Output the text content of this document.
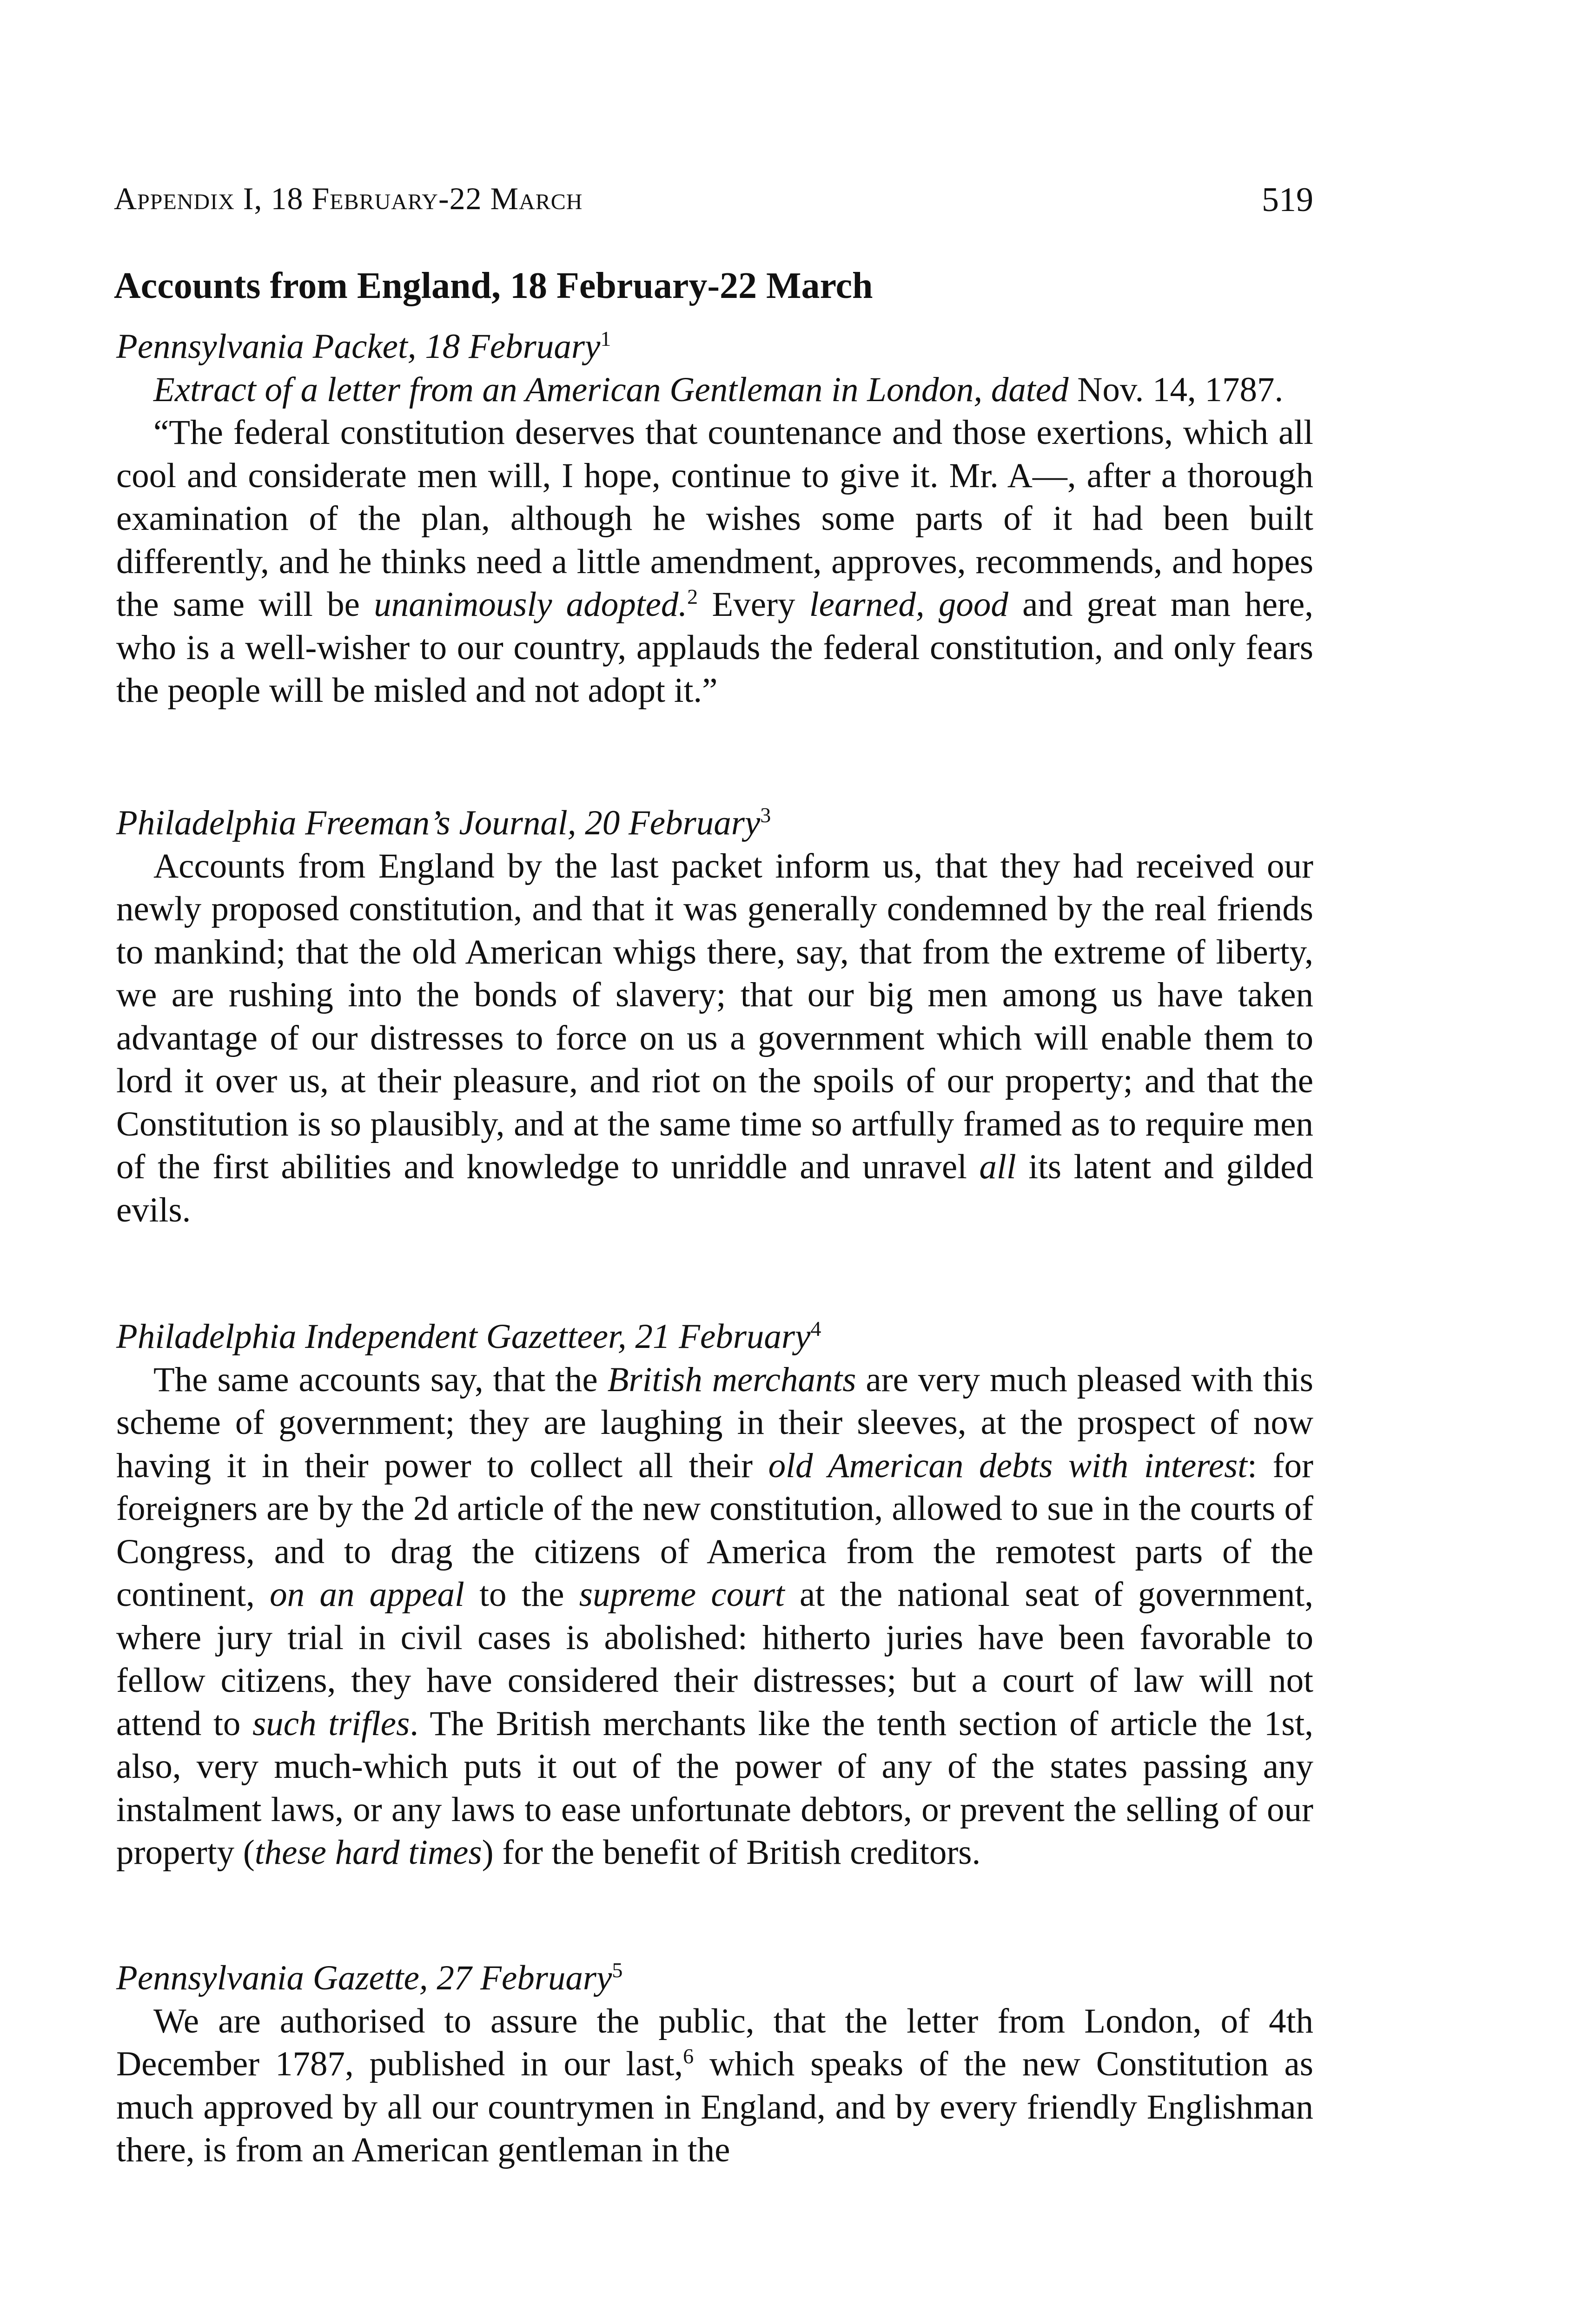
Appendix I, 18 February-22 March	519
Accounts from England, 18 February-22 March

Pennsylvania Packet, 18 February$^1$

Extract of a letter from an American Gentleman in London, dated Nov. 14, 1787.

“The federal constitution deserves that countenance and those exertions, which all cool and considerate men will, I hope, continue to give it. Mr. A—, after a thorough examination of the plan, although he wishes some parts of it had been built differently, and he thinks need a little amendment, approves, recommends, and hopes the same will be unanimously adopted.$^2$ Every learned, good and great man here, who is a well-wisher to our country, applauds the federal constitution, and only fears the people will be misled and not adopt it.”

Philadelphia Freeman’s Journal, 20 February$^3$

Accounts from England by the last packet inform us, that they had received our newly proposed constitution, and that it was generally condemned by the real friends to mankind; that the old American whigs there, say, that from the extreme of liberty, we are rushing into the bonds of slavery; that our big men among us have taken advantage of our distresses to force on us a government which will enable them to lord it over us, at their pleasure, and riot on the spoils of our property; and that the Constitution is so plausibly, and at the same time so artfully framed as to require men of the first abilities and knowledge to unriddle and unravel all its latent and gilded evils.

Philadelphia Independent Gazetteer, 21 February$^4$

The same accounts say, that the British merchants are very much pleased with this scheme of government; they are laughing in their sleeves, at the prospect of now having it in their power to collect all their old American debts with interest: for foreigners are by the 2d article of the new constitution, allowed to sue in the courts of Congress, and to drag the citizens of America from the remotest parts of the continent, on an appeal to the supreme court at the national seat of government, where jury trial in civil cases is abolished: hitherto juries have been favorable to fellow citizens, they have considered their distresses; but a court of law will not attend to such trifles. The British merchants like the tenth section of article the 1st, also, very much-which puts it out of the power of any of the states passing any instalment laws, or any laws to ease unfortunate debtors, or prevent the selling of our property (these hard times) for the benefit of British creditors.

Pennsylvania Gazette, 27 February$^5$

We are authorised to assure the public, that the letter from London, of 4th December 1787, published in our last,$^6$ which speaks of the new Constitution as much approved by all our countrymen in England, and by every friendly Englishman there, is from an American gentleman in the
